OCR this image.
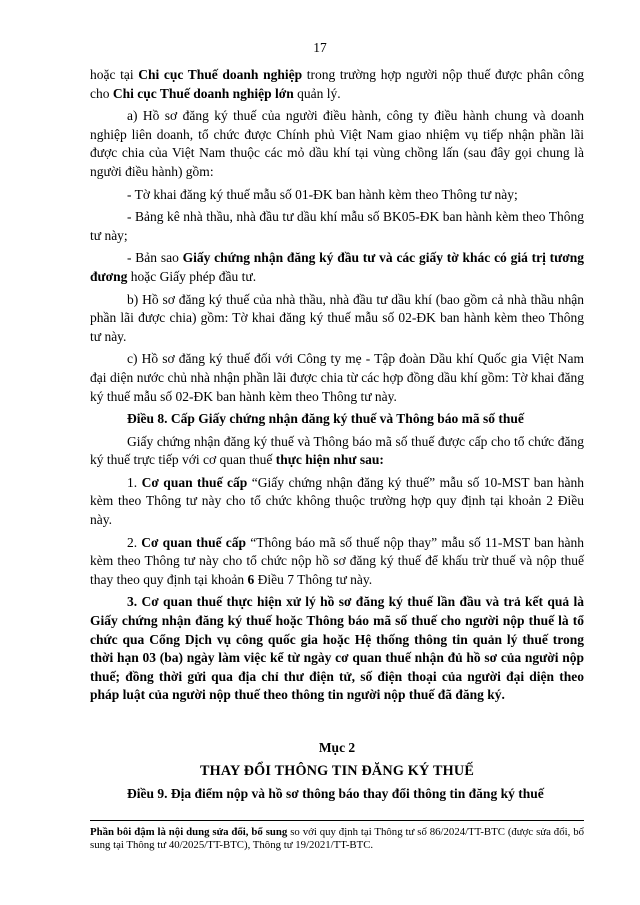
17

hoặc tại Chi cục Thuế doanh nghiệp trong trường hợp người nộp thuế được phân công cho Chi cục Thuế doanh nghiệp lớn quản lý.

a) Hồ sơ đăng ký thuế của người điều hành, công ty điều hành chung và doanh nghiệp liên doanh, tổ chức được Chính phủ Việt Nam giao nhiệm vụ tiếp nhận phần lãi được chia của Việt Nam thuộc các mỏ dầu khí tại vùng chồng lấn (sau đây gọi chung là người điều hành) gồm:

- Tờ khai đăng ký thuế mẫu số 01-ĐK ban hành kèm theo Thông tư này;

- Bảng kê nhà thầu, nhà đầu tư dầu khí mẫu số BK05-ĐK ban hành kèm theo Thông tư này;

- Bản sao Giấy chứng nhận đăng ký đầu tư và các giấy tờ khác có giá trị tương đương hoặc Giấy phép đầu tư.

b) Hồ sơ đăng ký thuế của nhà thầu, nhà đầu tư dầu khí (bao gồm cả nhà thầu nhận phần lãi được chia) gồm: Tờ khai đăng ký thuế mẫu số 02-ĐK ban hành kèm theo Thông tư này.

c) Hồ sơ đăng ký thuế đối với Công ty mẹ - Tập đoàn Dầu khí Quốc gia Việt Nam đại diện nước chủ nhà nhận phần lãi được chia từ các hợp đồng dầu khí gồm: Tờ khai đăng ký thuế mẫu số 02-ĐK ban hành kèm theo Thông tư này.

Điều 8. Cấp Giấy chứng nhận đăng ký thuế và Thông báo mã số thuế

Giấy chứng nhận đăng ký thuế và Thông báo mã số thuế được cấp cho tổ chức đăng ký thuế trực tiếp với cơ quan thuế thực hiện như sau:

1. Cơ quan thuế cấp “Giấy chứng nhận đăng ký thuế” mẫu số 10-MST ban hành kèm theo Thông tư này cho tổ chức không thuộc trường hợp quy định tại khoản 2 Điều này.

2. Cơ quan thuế cấp “Thông báo mã số thuế nộp thay” mẫu số 11-MST ban hành kèm theo Thông tư này cho tổ chức nộp hồ sơ đăng ký thuế để khấu trừ thuế và nộp thuế thay theo quy định tại khoản 6 Điều 7 Thông tư này.

3. Cơ quan thuế thực hiện xử lý hồ sơ đăng ký thuế lần đầu và trả kết quả là Giấy chứng nhận đăng ký thuế hoặc Thông báo mã số thuế cho người nộp thuế là tổ chức qua Cổng Dịch vụ công quốc gia hoặc Hệ thống thông tin quản lý thuế trong thời hạn 03 (ba) ngày làm việc kể từ ngày cơ quan thuế nhận đủ hồ sơ của người nộp thuế; đồng thời gửi qua địa chỉ thư điện tử, số điện thoại của người đại diện theo pháp luật của người nộp thuế theo thông tin người nộp thuế đã đăng ký.

Mục 2

THAY ĐỔI THÔNG TIN ĐĂNG KÝ THUẾ

Điều 9. Địa điểm nộp và hồ sơ thông báo thay đổi thông tin đăng ký thuế

Phần bôi đậm là nội dung sửa đổi, bổ sung so với quy định tại Thông tư số 86/2024/TT-BTC (được sửa đổi, bổ sung tại Thông tư 40/2025/TT-BTC), Thông tư 19/2021/TT-BTC.
